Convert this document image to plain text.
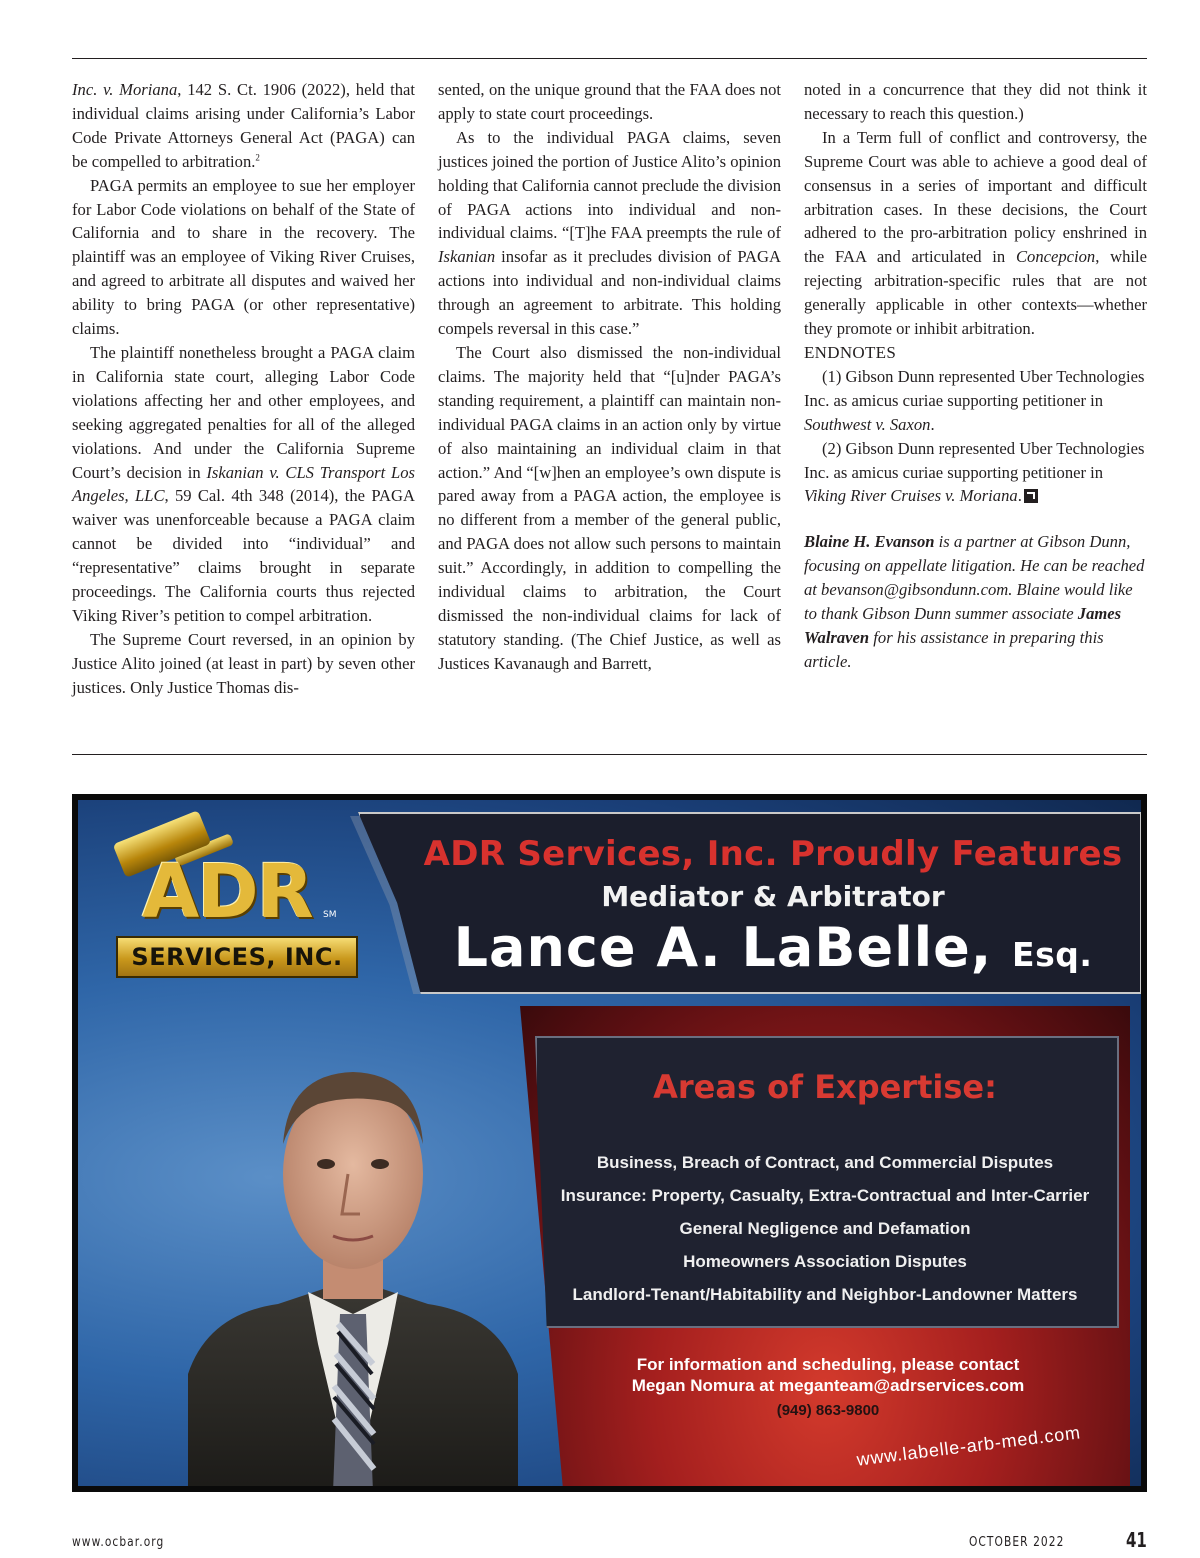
Inc. v. Moriana, 142 S. Ct. 1906 (2022), held that individual claims arising under California’s Labor Code Private Attorneys General Act (PAGA) can be compelled to arbitration.$^2$

PAGA permits an employee to sue her employer for Labor Code violations on behalf of the State of California and to share in the recovery. The plaintiff was an employee of Viking River Cruises, and agreed to arbitrate all disputes and waived her ability to bring PAGA (or other representative) claims.

The plaintiff nonetheless brought a PAGA claim in California state court, alleging Labor Code violations affecting her and other employees, and seeking aggregated penalties for all of the alleged violations. And under the California Supreme Court’s decision in Iskanian v. CLS Transport Los Angeles, LLC, 59 Cal. 4th 348 (2014), the PAGA waiver was unenforceable because a PAGA claim cannot be divided into “individual” and “representative” claims brought in separate proceedings. The California courts thus rejected Viking River’s petition to compel arbitration.

The Supreme Court reversed, in an opinion by Justice Alito joined (at least in part) by seven other justices. Only Justice Thomas dis-

sented, on the unique ground that the FAA does not apply to state court proceedings.

As to the individual PAGA claims, seven justices joined the portion of Justice Alito’s opinion holding that California cannot preclude the division of PAGA actions into individual and non-individual claims. “[T]he FAA preempts the rule of Iskanian insofar as it precludes division of PAGA actions into individual and non-individual claims through an agreement to arbitrate. This holding compels reversal in this case.”

The Court also dismissed the non-individual claims. The majority held that “[u]nder PAGA’s standing requirement, a plaintiff can maintain non-individual PAGA claims in an action only by virtue of also maintaining an individual claim in that action.” And “[w]hen an employee’s own dispute is pared away from a PAGA action, the employee is no different from a member of the general public, and PAGA does not allow such persons to maintain suit.” Accordingly, in addition to compelling the individual claims to arbitration, the Court dismissed the non-individual claims for lack of statutory standing. (The Chief Justice, as well as Justices Kavanaugh and Barrett,

noted in a concurrence that they did not think it necessary to reach this question.)

In a Term full of conflict and controversy, the Supreme Court was able to achieve a good deal of consensus in a series of important and difficult arbitration cases. In these decisions, the Court adhered to the pro-arbitration policy enshrined in the FAA and articulated in Concepcion, while rejecting arbitration-specific rules that are not generally applicable in other contexts—whether they promote or inhibit arbitration.

ENDNOTES

(1) Gibson Dunn represented Uber Technologies Inc. as amicus curiae supporting petitioner in Southwest v. Saxon.

(2) Gibson Dunn represented Uber Technologies Inc. as amicus curiae supporting petitioner in Viking River Cruises v. Moriana.

Blaine H. Evanson is a partner at Gibson Dunn, focusing on appellate litigation. He can be reached at bevanson@gibsondunn.com. Blaine would like to thank Gibson Dunn summer associate James Walraven for his assistance in preparing this article.

ADR Services, Inc. Proudly Features
Mediator & Arbitrator
Lance A. LaBelle, Esq.
ADR SM
SERVICES, INC.
Areas of Expertise:
Business, Breach of Contract, and Commercial Disputes
Insurance: Property, Casualty, Extra-Contractual and Inter-Carrier
General Negligence and Defamation
Homeowners Association Disputes
Landlord-Tenant/Habitability and Neighbor-Landowner Matters
For information and scheduling, please contact
Megan Nomura at meganteam@adrservices.com
(949) 863-9800
www.labelle-arb-med.com
www.ocbar.org	OCTOBER 2022	41
